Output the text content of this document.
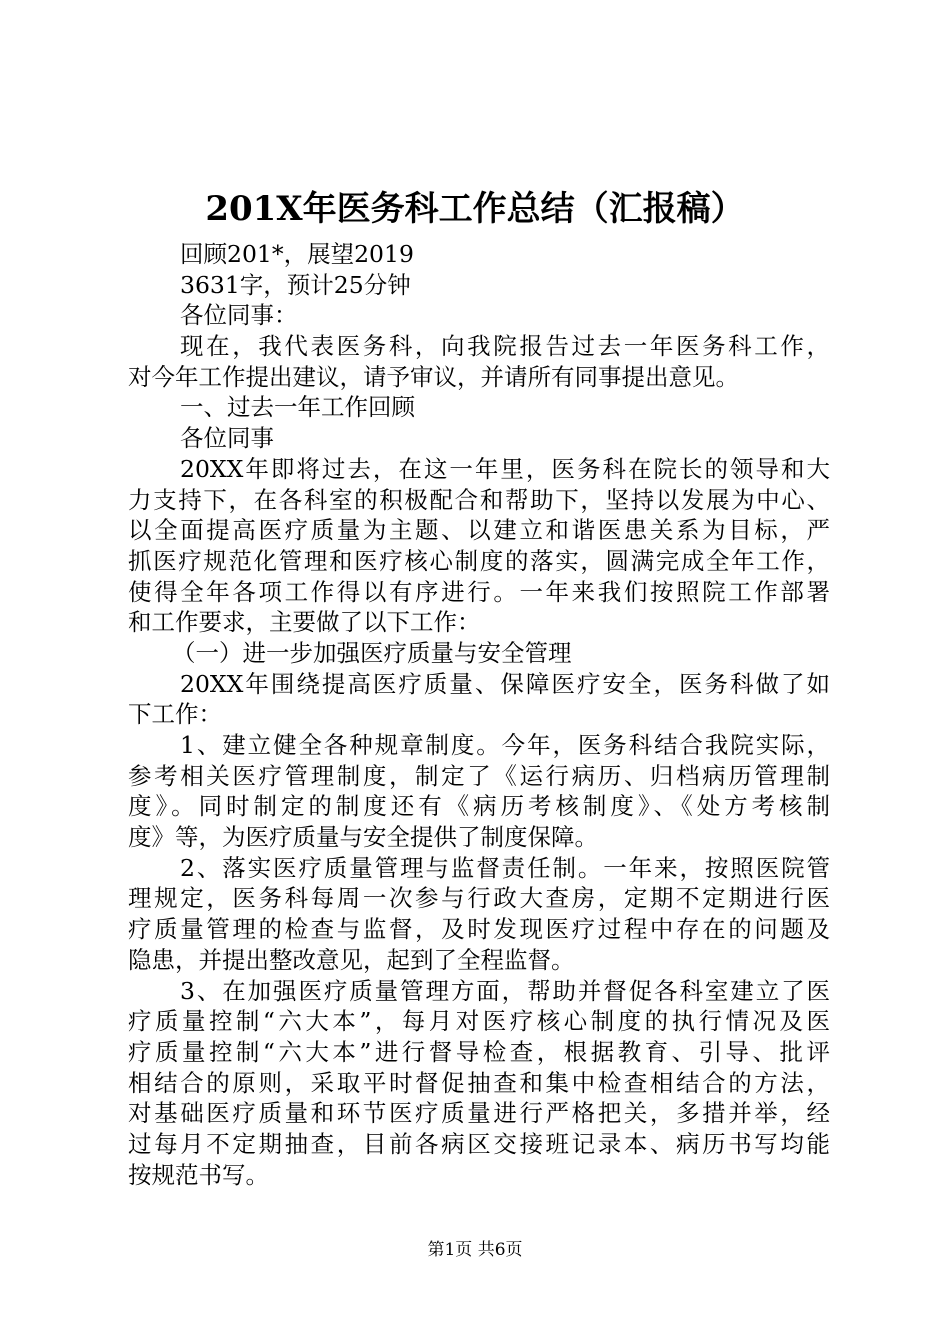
201X年医务科工作总结（汇报稿）
回顾201*，展望2019
3631字，预计25分钟
各位同事：
现在，我代表医务科，向我院报告过去一年医务科工作，
对今年工作提出建议，请予审议，并请所有同事提出意见。
一、过去一年工作回顾
各位同事
20XX年即将过去，在这一年里，医务科在院长的领导和大
力支持下，在各科室的积极配合和帮助下，坚持以发展为中心、
以全面提高医疗质量为主题、以建立和谐医患关系为目标，严
抓医疗规范化管理和医疗核心制度的落实，圆满完成全年工作，
使得全年各项工作得以有序进行。一年来我们按照院工作部署
和工作要求，主要做了以下工作：
（一）进一步加强医疗质量与安全管理
20XX年围绕提高医疗质量、保障医疗安全，医务科做了如
下工作：
1、建立健全各种规章制度。今年，医务科结合我院实际，
参考相关医疗管理制度，制定了《运行病历、归档病历管理制
度》。同时制定的制度还有《病历考核制度》、《处方考核制
度》等，为医疗质量与安全提供了制度保障。
2、落实医疗质量管理与监督责任制。一年来，按照医院管
理规定，医务科每周一次参与行政大查房，定期不定期进行医
疗质量管理的检查与监督，及时发现医疗过程中存在的问题及
隐患，并提出整改意见，起到了全程监督。
3、在加强医疗质量管理方面，帮助并督促各科室建立了医
疗质量控制“六大本”，每月对医疗核心制度的执行情况及医
疗质量控制“六大本”进行督导检查，根据教育、引导、批评
相结合的原则，采取平时督促抽查和集中检查相结合的方法，
对基础医疗质量和环节医疗质量进行严格把关，多措并举，经
过每月不定期抽查，目前各病区交接班记录本、病历书写均能
按规范书写。
第1页 共6页
